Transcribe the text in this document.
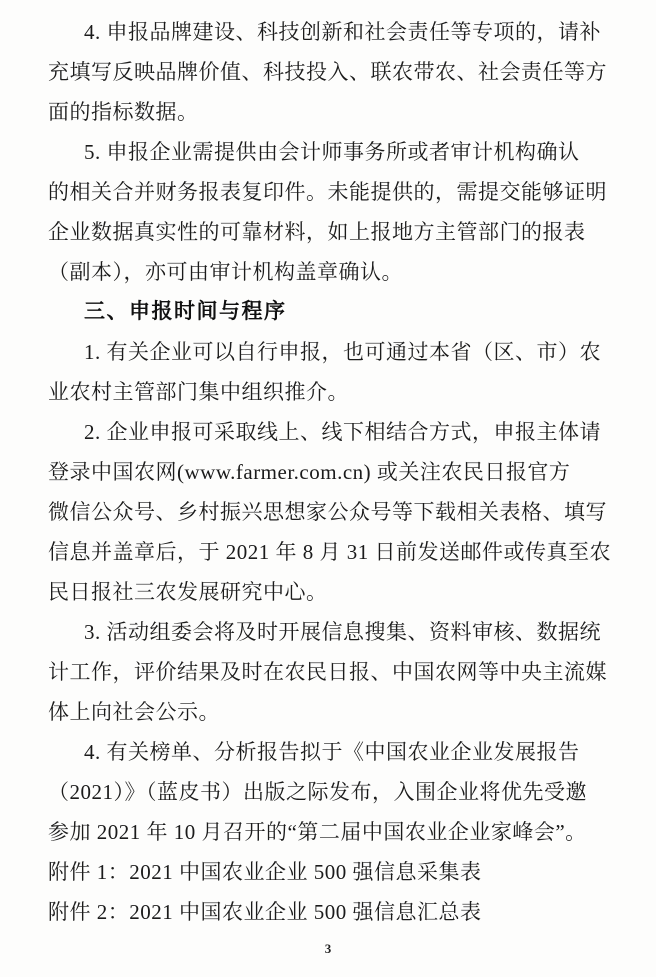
4. 申报品牌建设、科技创新和社会责任等专项的，请补
充填写反映品牌价值、科技投入、联农带农、社会责任等方
面的指标数据。
5. 申报企业需提供由会计师事务所或者审计机构确认
的相关合并财务报表复印件。未能提供的，需提交能够证明
企业数据真实性的可靠材料，如上报地方主管部门的报表
（副本），亦可由审计机构盖章确认。
三、申报时间与程序
1. 有关企业可以自行申报，也可通过本省（区、市）农
业农村主管部门集中组织推介。
2. 企业申报可采取线上、线下相结合方式，申报主体请
登录中国农网(www.farmer.com.cn) 或关注农民日报官方
微信公众号、乡村振兴思想家公众号等下载相关表格、填写
信息并盖章后，于 2021 年 8 月 31 日前发送邮件或传真至农
民日报社三农发展研究中心。
3. 活动组委会将及时开展信息搜集、资料审核、数据统
计工作，评价结果及时在农民日报、中国农网等中央主流媒
体上向社会公示。
4. 有关榜单、分析报告拟于《中国农业企业发展报告
（2021）》（蓝皮书）出版之际发布，入围企业将优先受邀
参加 2021 年 10 月召开的“第二届中国农业企业家峰会”。
附件 1：2021 中国农业企业 500 强信息采集表
附件 2：2021 中国农业企业 500 强信息汇总表
3
